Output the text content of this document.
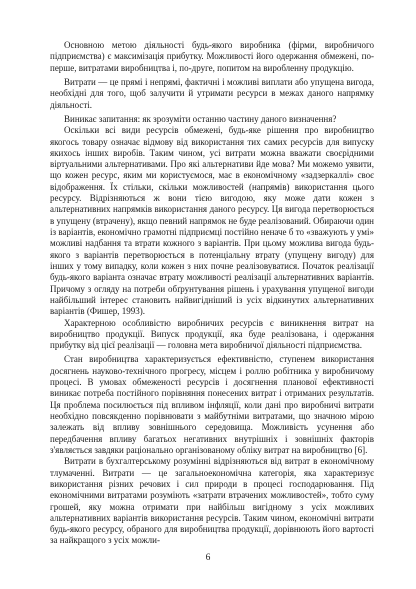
Основною метою діяльності будь-якого виробника (фірми, виробничого підприємства) є максимізація прибутку. Можливості його одержання обмежені, по-перше, витратами виробництва і, по-друге, попитом на виробленну продукцію.

Витрати — це прямі і непрямі, фактичні і можливі виплати або упущена вигода, необхідні для того, щоб залучити й утримати ресурси в межах даного напрямку діяльності.

Виникає запитання: як зрозуміти останню частину даного визначення?

Оскільки всі види ресурсів обмежені, будь-яке рішення про виробництво якогось товару означає відмову від використання тих самих ресурсів для випуску якихось інших виробів. Таким чином, усі витрати можна вважати своєрідними віртуальними альтернативами. Про які альтернативи йде мова? Ми можемо уявити, що кожен ресурс, яким ми користуємося, має в економічному «задзеркаллі» своє відображення. Їх стільки, скільки можливостей (напрямів) використання цього ресурсу. Відрізняються ж вони тією вигодою, яку може дати кожен з альтернативних напрямків використання даного ресурсу. Ця вигода перетворюється в упущену (втрачену), якщо певний напрямок не буде реалізований. Обираючи один із варіантів, економічно грамотні підприємці постійно неначе б то «зважують у умі» можливі надбання та втрати кожного з варіантів. При цьому можлива вигода будь-якого з варіантів перетворюється в потенціальну втрату (упущену вигоду) для інших у тому випадку, коли кожен з них почне реалізовуватися. Початок реалізації будь-якого варіанта означає втрату можливості реалізації альтернативних варіантів. Причому з огляду на потреби обґрунтування рішень і урахування упущеної вигоди найбільший інтерес становить найвигідніший із усіх відкинутих альтернативних варіантів (Фишер, 1993).

Характерною особливістю виробничих ресурсів є виникнення витрат на виробництво продукції. Випуск продукції, яка буде реалізована, і одержання прибутку від цієї реалізації — головна мета виробничої діяльності підприємства.

Стан виробництва характеризується ефективністю, ступенем використання досягнень науково-технічного прогресу, місцем і роллю робітника у виробничому процесі. В умовах обмеженості ресурсів і досягнення планової ефективності виникає потреба постійного порівняння понесених витрат і отриманих результатів. Ця проблема посилюється під впливом інфляції, коли дані про виробничі витрати необхідно повсякденно порівнювати з майбутніми витратами, що значною мірою залежать від впливу зовнішнього середовища. Можливість усунення або передбачення впливу багатьох негативних внутрішніх і зовнішніх факторів з'являється завдяки раціонально організованому обліку витрат на виробництво [6].

Витрати в бухгалтерському розумінні відрізняються від витрат в економічному тлумаченні. Витрати — це загальноекономічна категорія, яка характеризує використання різних речових і сил природи в процесі господарювання. Під економічними витратами розуміють «затрати втрачених можливостей», тобто суму грошей, яку можна отримати при найбільш вигідному з усіх можливих альтернативних варіантів використання ресурсів. Таким чином, економічні витрати будь-якого ресурсу, обраного для виробництва продукції, дорівнюють його вартості за найкращого з усіх можли-

6
